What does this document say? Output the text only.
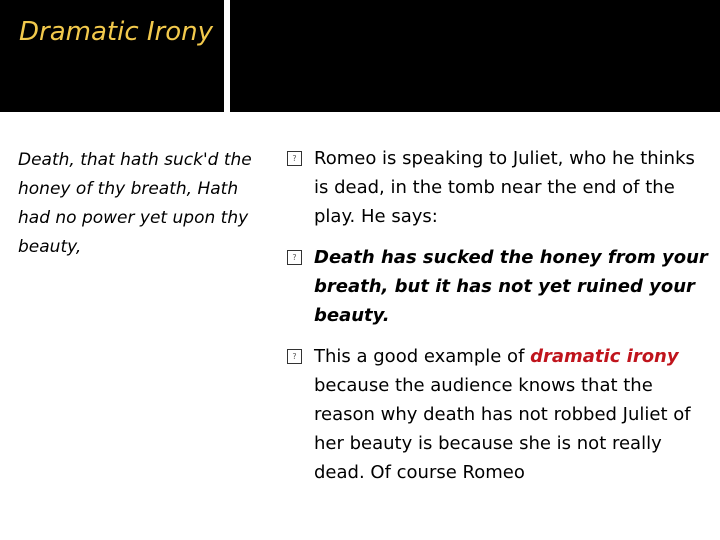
Dramatic Irony
Death, that hath suck'd the honey of thy breath, Hath had no power yet upon thy beauty,
? Romeo is speaking to Juliet, who he thinks is dead, in the tomb near the end of the play. He says:
? Death has sucked the honey from your breath, but it has not yet ruined your beauty.
? This a good example of dramatic irony because the audience knows that the reason why death has not robbed Juliet of her beauty is because she is not really dead. Of course Romeo
